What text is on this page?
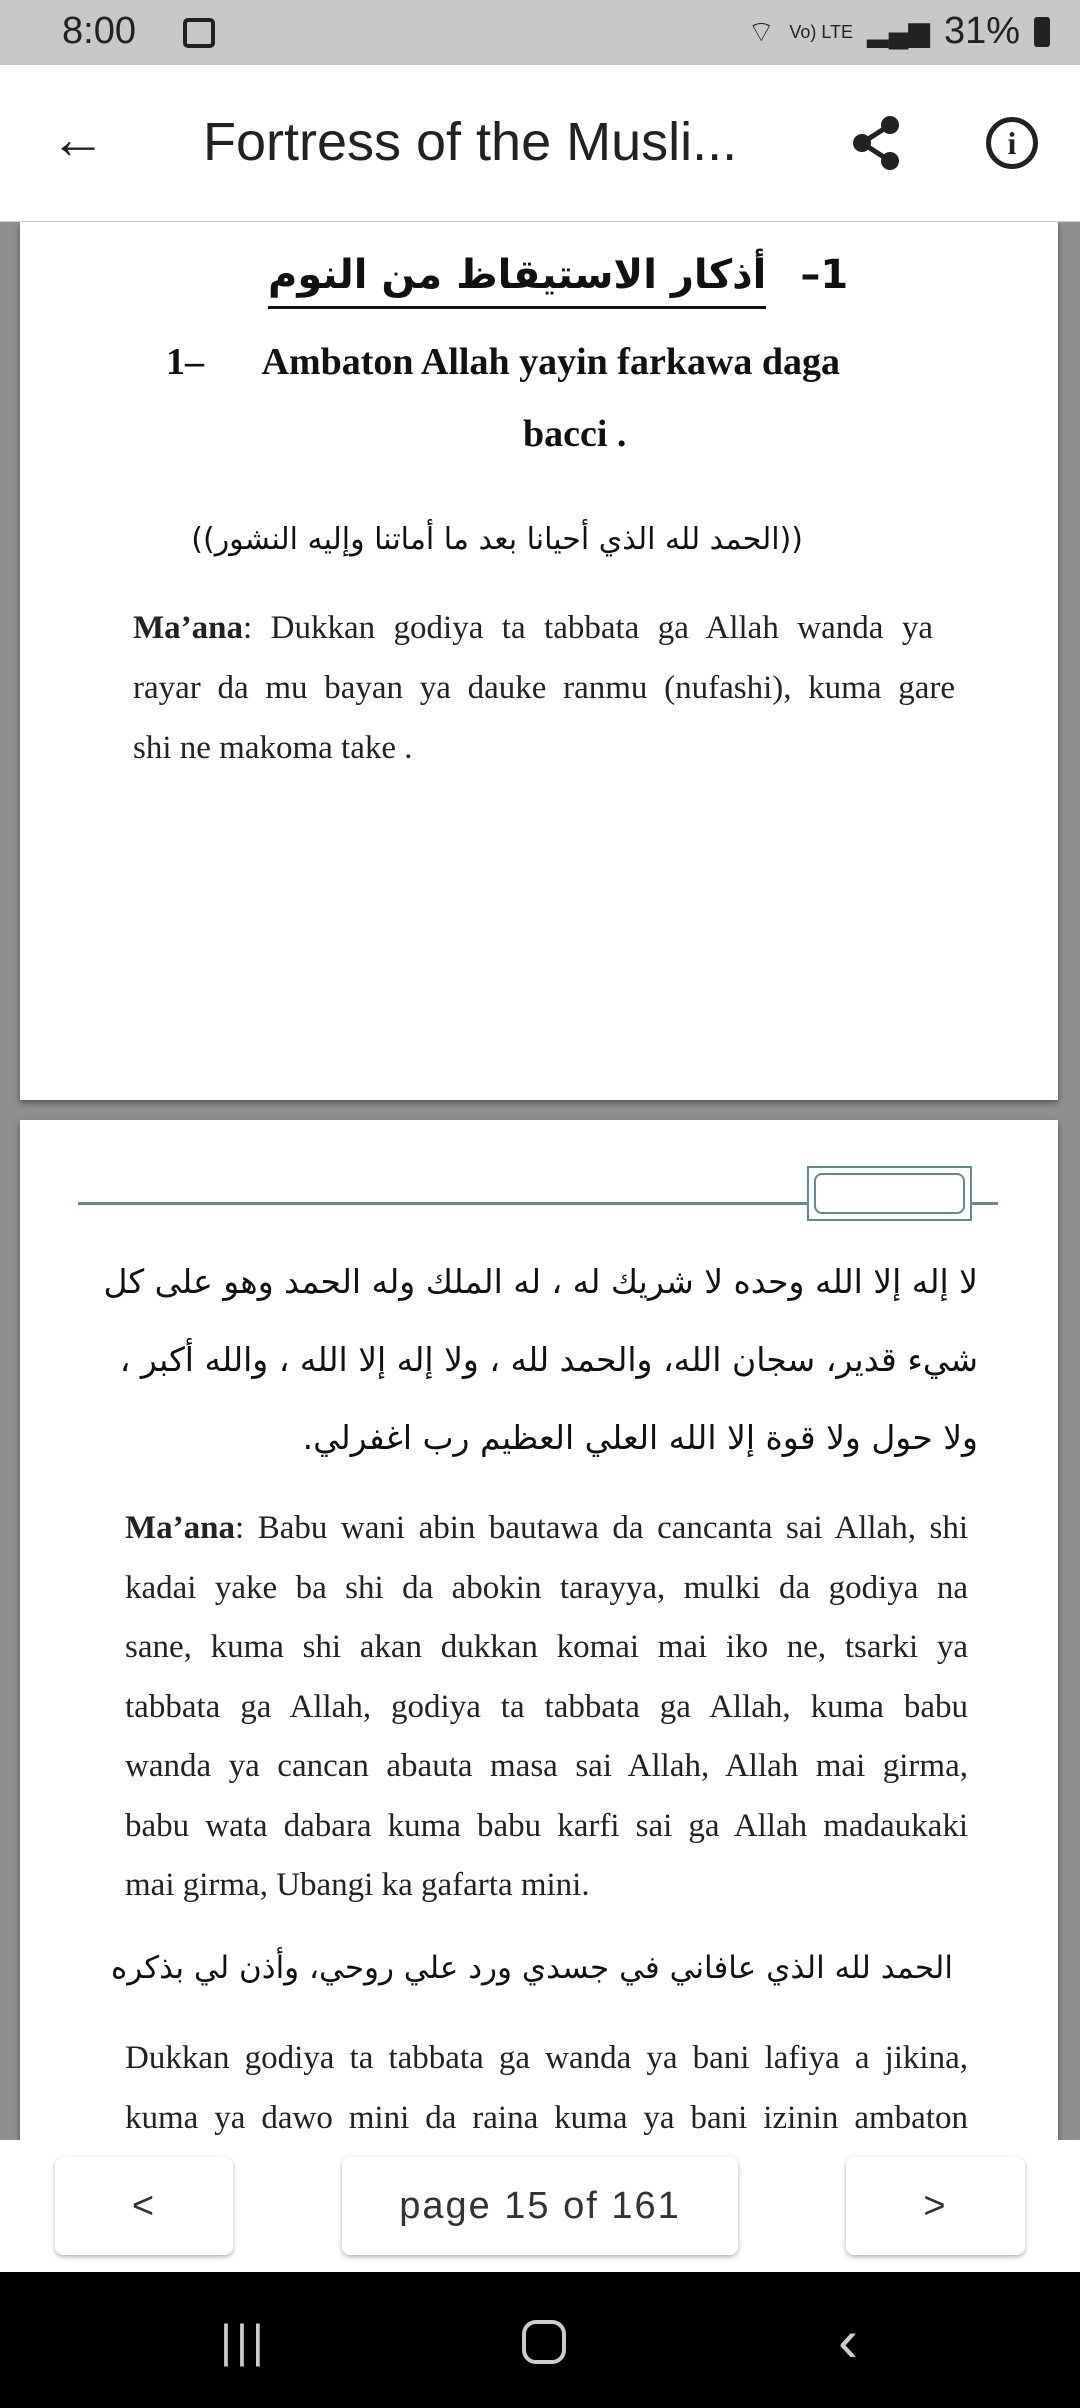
8:00	⌔ Vo) LTE ▂▄▆ 31%
← Fortress of the Musli...	i
1–أذكار الاستيقاظ من النوم
1– Ambaton Allah yayin farkawa daga
bacci .
((الحمد لله الذي أحيانا بعد ما أماتنا وإليه النشور))
Ma’ana: Dukkan godiya ta tabbata ga Allah wanda ya
rayar da mu bayan ya dauke ranmu (nufashi), kuma gare
shi ne makoma take .
لا إله إلا الله وحده لا شريك له ، له الملك وله الحمد وهو على كل
شيء قدير، سجان الله، والحمد لله ، ولا إله إلا الله ، والله أكبر ،
ولا حول ولا قوة إلا الله العلي العظيم رب اغفرلي.
Ma’ana: Babu wani abin bautawa da cancanta sai Allah, shi
kadai yake ba shi da abokin tarayya, mulki da godiya na
sane, kuma shi akan dukkan komai mai iko ne, tsarki ya
tabbata ga Allah, godiya ta tabbata ga Allah, kuma babu
wanda ya cancan abauta masa sai Allah, Allah mai girma,
babu wata dabara kuma babu karfi sai ga Allah madaukaki
mai girma, Ubangi ka gafarta mini.
الحمد لله الذي عافاني في جسدي ورد علي روحي، وأذن لي بذكره
Dukkan godiya ta tabbata ga wanda ya bani lafiya a jikina,
kuma ya dawo mini da raina kuma ya bani izinin ambaton
<	page 15 of 161	>
|||	‹
